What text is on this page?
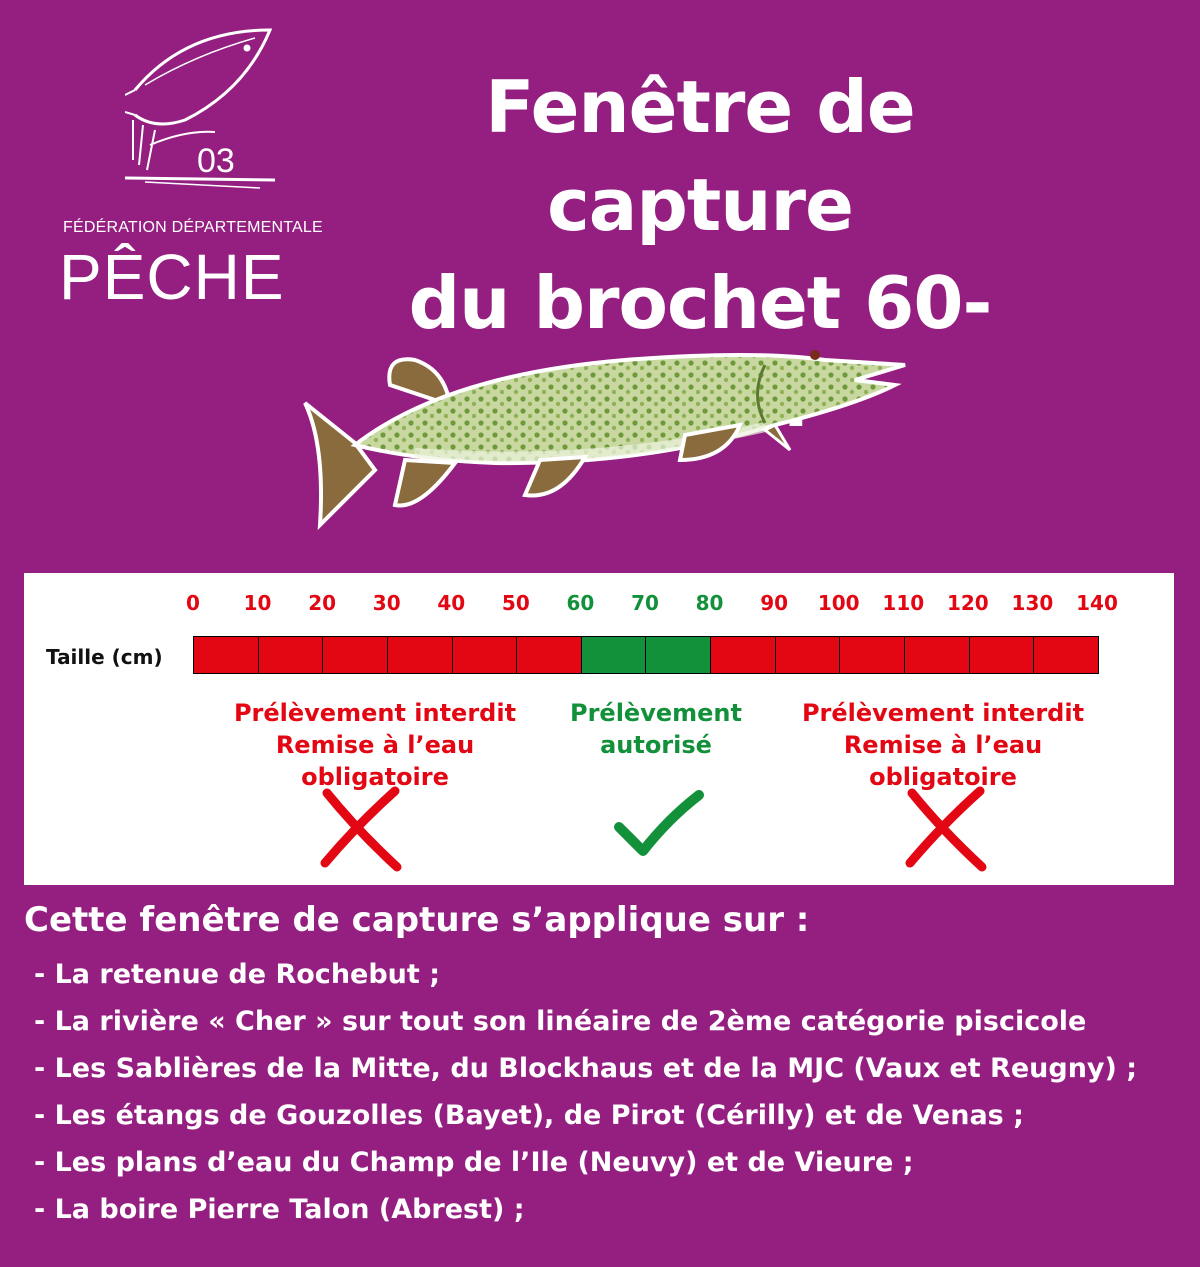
03
FÉDÉRATION DÉPARTEMENTALE
PÊCHE
Fenêtre de capture
du brochet 60-
0 10 20 30 40 50 60 70 80 90 100 110 120 130 140
Taille (cm)
Prélèvement interdit
Remise à l’eau obligatoire
Prélèvement
autorisé
Prélèvement interdit
Remise à l’eau obligatoire
Cette fenêtre de capture s’applique sur :
- La retenue de Rochebut ;
- La rivière « Cher » sur tout son linéaire de 2ème catégorie piscicole
- Les Sablières de la Mitte, du Blockhaus et de la MJC (Vaux et Reugny) ;
- Les étangs de Gouzolles (Bayet), de Pirot (Cérilly) et de Venas ;
- Les plans d’eau du Champ de l’Ile (Neuvy) et de Vieure ;
- La boire Pierre Talon (Abrest) ;
